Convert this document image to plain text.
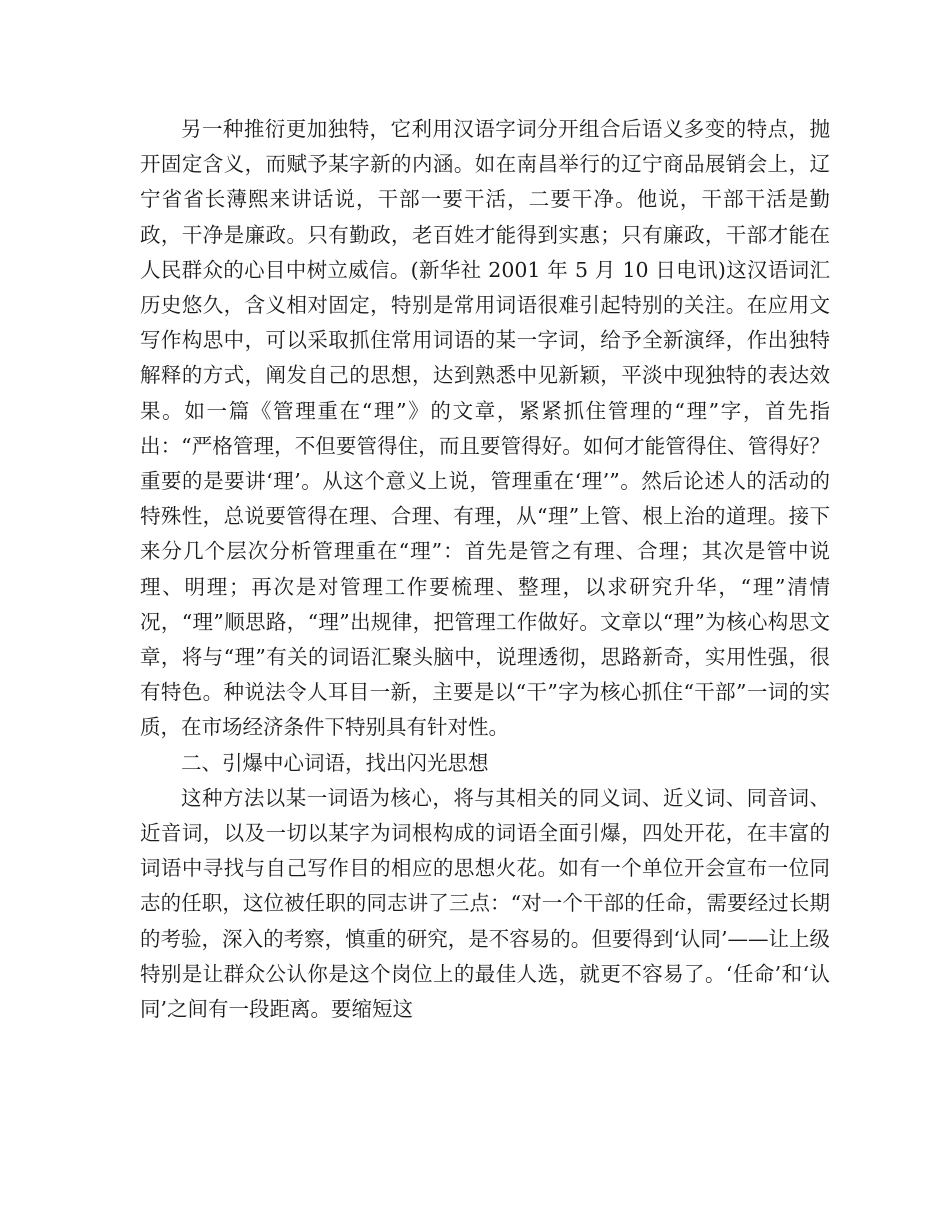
另一种推衍更加独特，它利用汉语字词分开组合后语义多变的特点，抛开固定含义，而赋予某字新的内涵。如在南昌举行的辽宁商品展销会上，辽宁省省长薄熙来讲话说，干部一要干活，二要干净。他说，干部干活是勤政，干净是廉政。只有勤政，老百姓才能得到实惠；只有廉政，干部才能在人民群众的心目中树立威信。(新华社 2001 年 5 月 10 日电讯)这汉语词汇历史悠久，含义相对固定，特别是常用词语很难引起特别的关注。在应用文写作构思中，可以采取抓住常用词语的某一字词，给予全新演绎，作出独特解释的方式，阐发自己的思想，达到熟悉中见新颖，平淡中现独特的表达效果。如一篇《管理重在“理”》的文章，紧紧抓住管理的“理”字，首先指出：“严格管理，不但要管得住，而且要管得好。如何才能管得住、管得好？重要的是要讲‘理’。从这个意义上说，管理重在‘理’”。然后论述人的活动的特殊性，总说要管得在理、合理、有理，从“理”上管、根上治的道理。接下来分几个层次分析管理重在“理”：首先是管之有理、合理；其次是管中说理、明理；再次是对管理工作要梳理、整理，以求研究升华，“理”清情况，“理”顺思路，“理”出规律，把管理工作做好。文章以“理”为核心构思文章，将与“理”有关的词语汇聚头脑中，说理透彻，思路新奇，实用性强，很有特色。种说法令人耳目一新，主要是以“干”字为核心抓住“干部”一词的实质，在市场经济条件下特别具有针对性。

二、引爆中心词语，找出闪光思想

这种方法以某一词语为核心，将与其相关的同义词、近义词、同音词、近音词，以及一切以某字为词根构成的词语全面引爆，四处开花，在丰富的词语中寻找与自己写作目的相应的思想火花。如有一个单位开会宣布一位同志的任职，这位被任职的同志讲了三点：“对一个干部的任命，需要经过长期的考验，深入的考察，慎重的研究，是不容易的。但要得到‘认同’——让上级特别是让群众公认你是这个岗位上的最佳人选，就更不容易了。‘任命’和‘认同’之间有一段距离。要缩短这
